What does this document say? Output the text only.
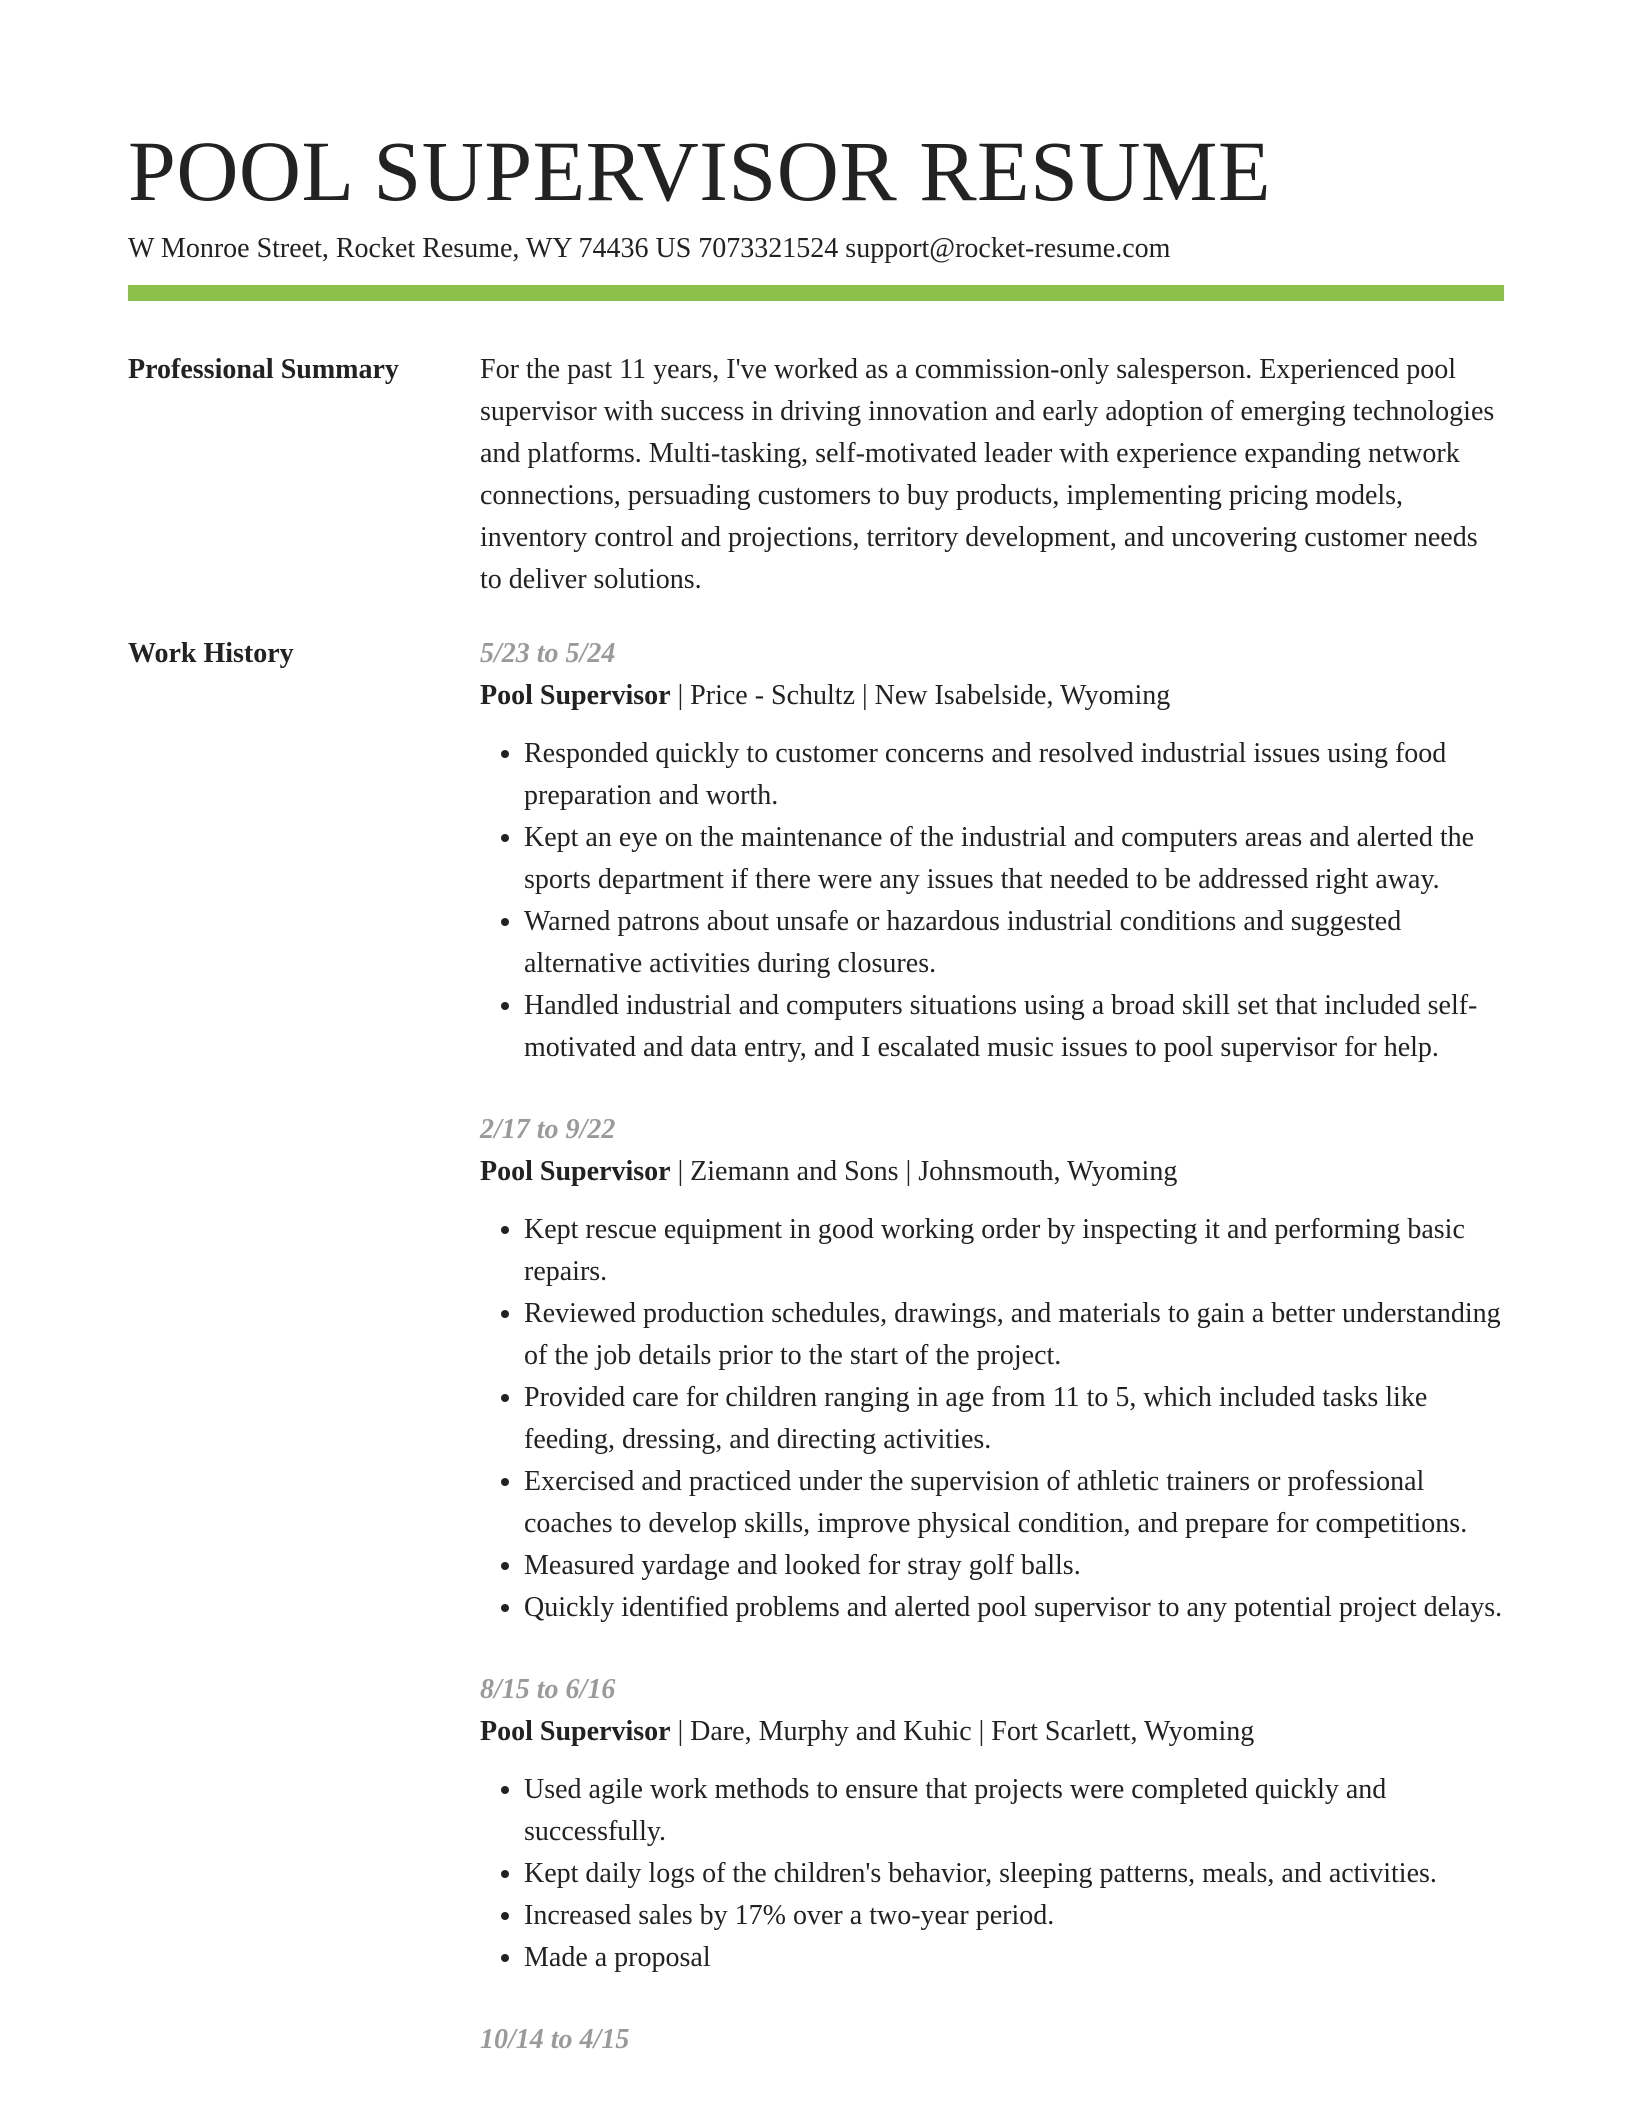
POOL SUPERVISOR RESUME
W Monroe Street, Rocket Resume, WY 74436 US 7073321524 support@rocket-resume.com
Professional Summary	For the past 11 years, I've worked as a commission-only salesperson. Experienced pool supervisor with success in driving innovation and early adoption of emerging technologies and platforms. Multi-tasking, self-motivated leader with experience expanding network connections, persuading customers to buy products, implementing pricing models, inventory control and projections, territory development, and uncovering customer needs to deliver solutions.

Work History	5/23 to 5/24
Pool Supervisor | Price - Schultz | New Isabelside, Wyoming
• Responded quickly to customer concerns and resolved industrial issues using food preparation and worth.
• Kept an eye on the maintenance of the industrial and computers areas and alerted the sports department if there were any issues that needed to be addressed right away.
• Warned patrons about unsafe or hazardous industrial conditions and suggested alternative activities during closures.
• Handled industrial and computers situations using a broad skill set that included self-motivated and data entry, and I escalated music issues to pool supervisor for help.
2/17 to 9/22
Pool Supervisor | Ziemann and Sons | Johnsmouth, Wyoming
• Kept rescue equipment in good working order by inspecting it and performing basic repairs.
• Reviewed production schedules, drawings, and materials to gain a better understanding of the job details prior to the start of the project.
• Provided care for children ranging in age from 11 to 5, which included tasks like feeding, dressing, and directing activities.
• Exercised and practiced under the supervision of athletic trainers or professional coaches to develop skills, improve physical condition, and prepare for competitions.
• Measured yardage and looked for stray golf balls.
• Quickly identified problems and alerted pool supervisor to any potential project delays.
8/15 to 6/16
Pool Supervisor | Dare, Murphy and Kuhic | Fort Scarlett, Wyoming
• Used agile work methods to ensure that projects were completed quickly and successfully.
• Kept daily logs of the children's behavior, sleeping patterns, meals, and activities.
• Increased sales by 17% over a two-year period.
• Made a proposal
10/14 to 4/15
